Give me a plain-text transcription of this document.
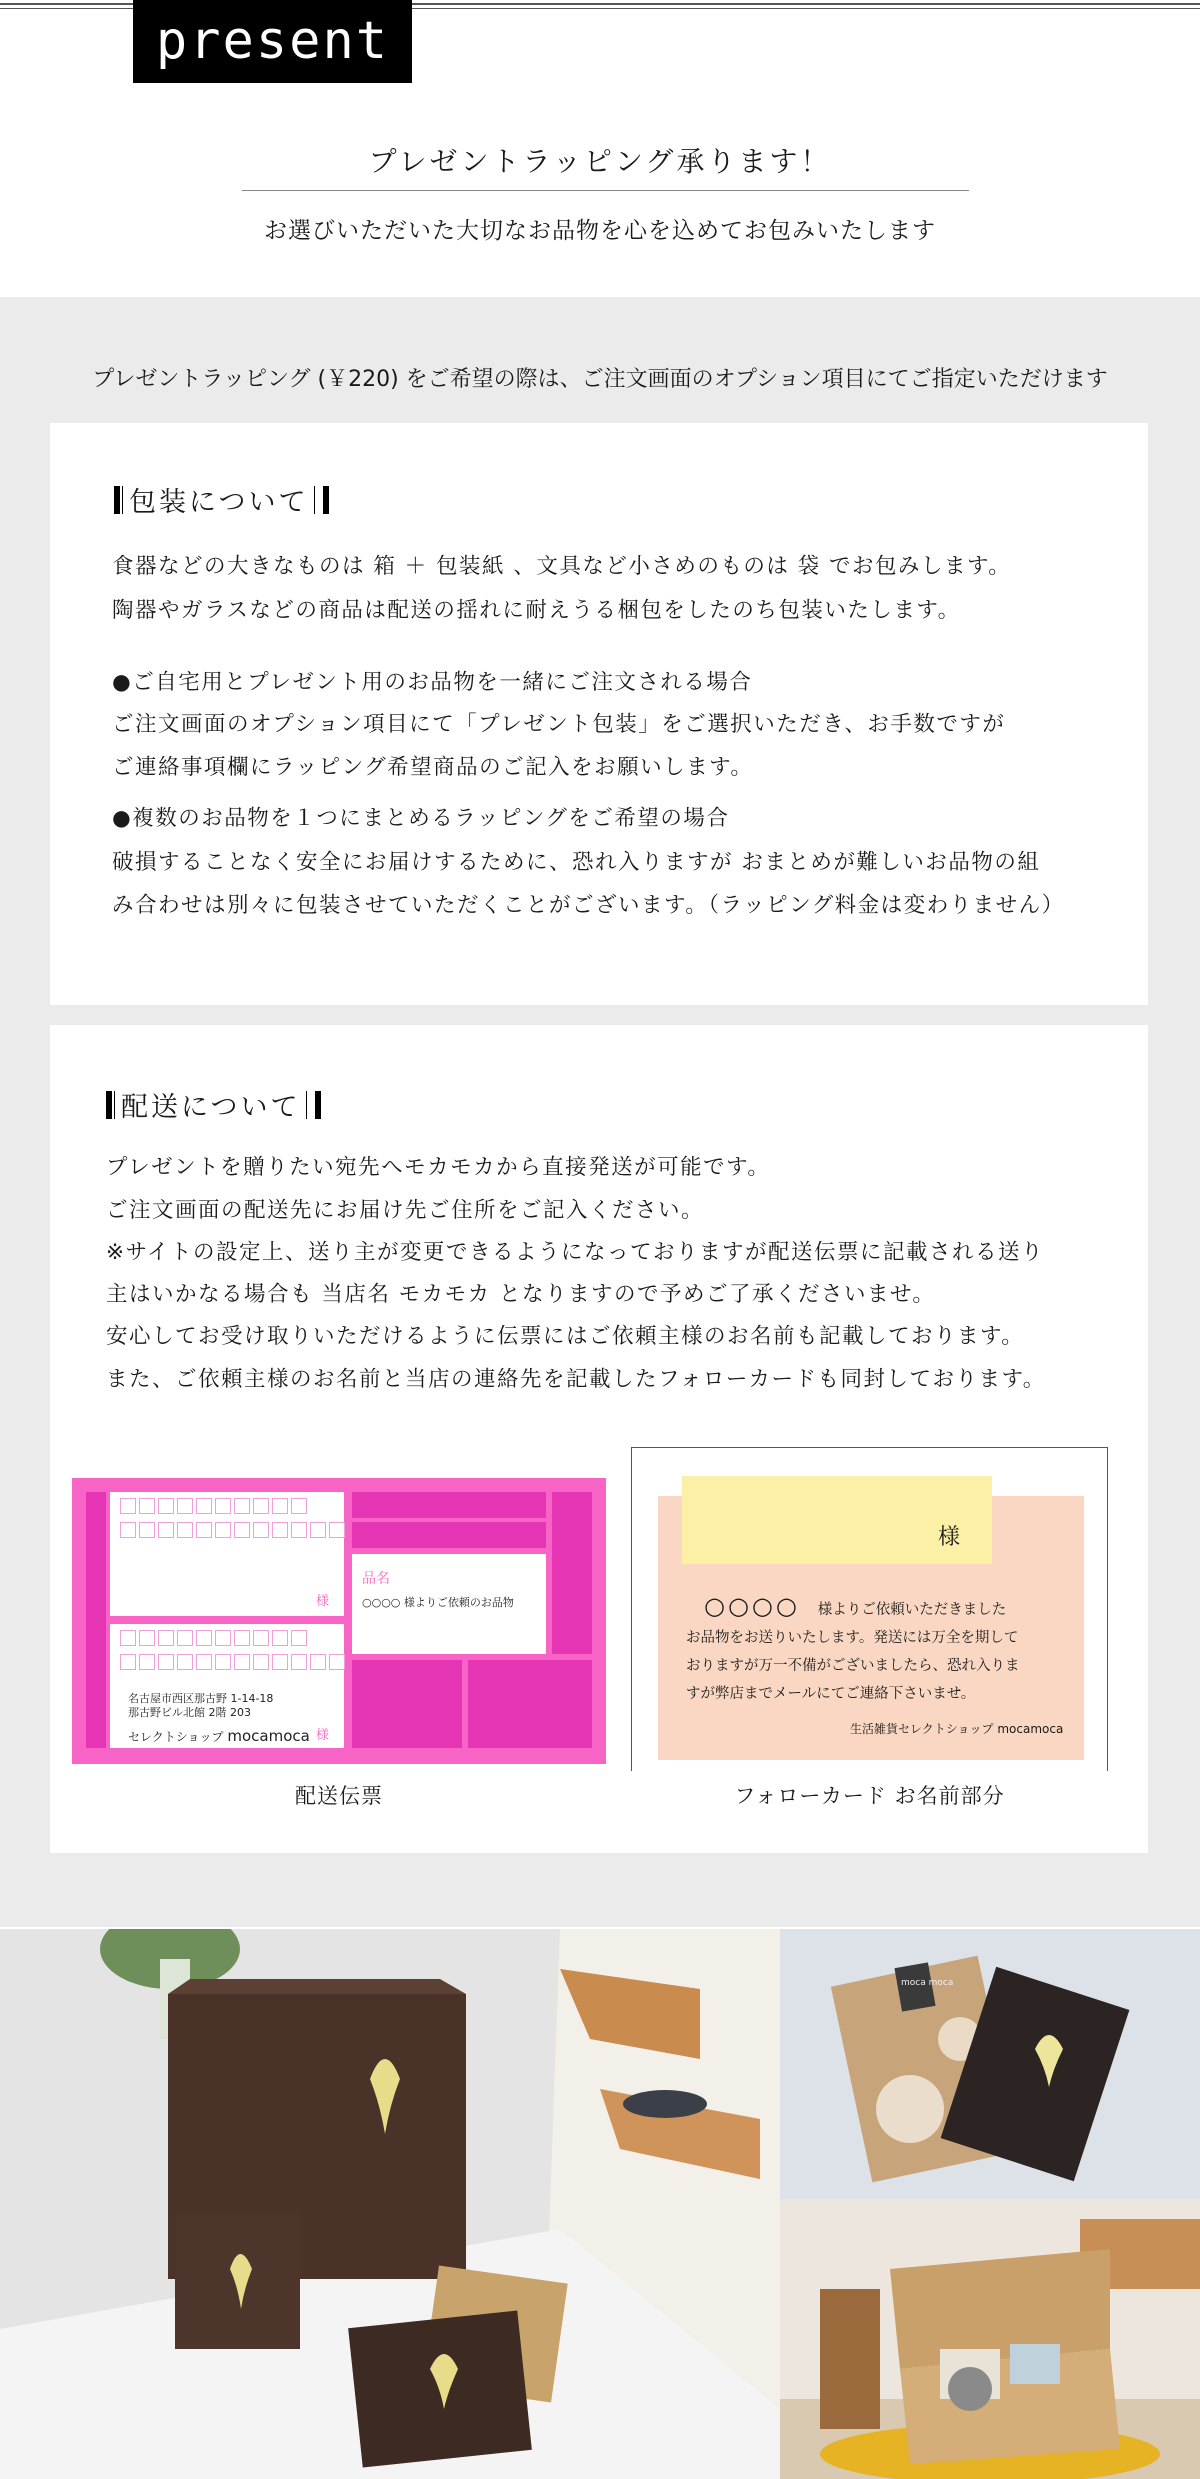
present
プレゼントラッピング承ります！
お選びいただいた大切なお品物を心を込めてお包みいたします
プレゼントラッピング (￥220) をご希望の際は、ご注文画面のオプション項目にてご指定いただけます
包装について
食器などの大きなものは 箱 ＋ 包装紙 、文具など小さめのものは 袋 でお包みします。
陶器やガラスなどの商品は配送の揺れに耐えうる梱包をしたのち包装いたします。
●ご自宅用とプレゼント用のお品物を一緒にご注文される場合
ご注文画面のオプション項目にて「プレゼント包装」をご選択いただき、お手数ですが
ご連絡事項欄にラッピング希望商品のご記入をお願いします。
●複数のお品物を１つにまとめるラッピングをご希望の場合
破損することなく安全にお届けするために、恐れ入りますが おまとめが難しいお品物の組
み合わせは別々に包装させていただくことがございます。（ラッピング料金は変わりません）
配送について
プレゼントを贈りたい宛先へモカモカから直接発送が可能です。
ご注文画面の配送先にお届け先ご住所をご記入ください。
※サイトの設定上、送り主が変更できるようになっておりますが配送伝票に記載される送り
主はいかなる場合も 当店名 モカモカ となりますので予めご了承くださいませ。
安心してお受け取りいただけるように伝票にはご依頼主様のお名前も記載しております。
また、ご依頼主様のお名前と当店の連絡先を記載したフォローカードも同封しております。
様
様
品名
○○○○ 様よりご依頼のお品物
名古屋市西区那古野 1-14-18
那古野ビル北館 2階 203
セレクトショップ mocamoca
配送伝票
様
○○○○ 様よりご依頼いただきました
お品物をお送りいたします。発送には万全を期して
おりますが万一不備がございましたら、恐れ入りま
すが弊店までメールにてご連絡下さいませ。
生活雑貨セレクトショップ mocamoca
フォローカード お名前部分
moca moca
